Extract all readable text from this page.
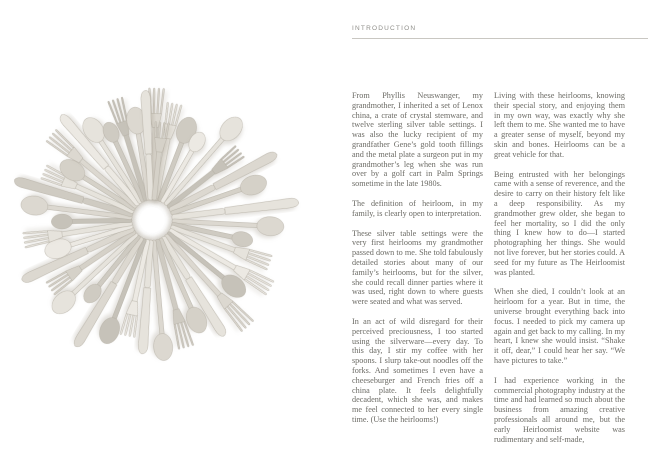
INTRODUCTION

From Phyllis Neuswanger, my grandmother, I inherited a set of Lenox china, a crate of crystal stemware, and twelve sterling silver table settings. I was also the lucky recipient of my grandfather Gene’s gold tooth fillings and the metal plate a surgeon put in my grandmother’s leg when she was run over by a golf cart in Palm Springs sometime in the late 1980s.

The definition of heirloom, in my family, is clearly open to interpretation.

These silver table settings were the very first heirlooms my grandmother passed down to me. She told fabulously detailed stories about many of our family’s heirlooms, but for the silver, she could recall dinner parties where it was used, right down to where guests were seated and what was served.

In an act of wild disregard for their perceived preciousness, I too started using the silverware—every day. To this day, I stir my coffee with her spoons. I slurp take-out noodles off the forks. And sometimes I even have a cheeseburger and French fries off a china plate. It feels delightfully decadent, which she was, and makes me feel connected to her every single time. (Use the heirlooms!)

Living with these heirlooms, knowing their special story, and enjoying them in my own way, was exactly why she left them to me. She wanted me to have a greater sense of myself, beyond my skin and bones. Heirlooms can be a great vehicle for that.

Being entrusted with her belongings came with a sense of reverence, and the desire to carry on their history felt like a deep responsibility. As my grandmother grew older, she began to feel her mortality, so I did the only thing I knew how to do—I started photographing her things. She would not live forever, but her stories could. A seed for my future as The Heirloomist was planted.

When she died, I couldn’t look at an heirloom for a year. But in time, the universe brought everything back into focus. I needed to pick my camera up again and get back to my calling. In my heart, I knew she would insist. “Shake it off, dear,” I could hear her say. “We have pictures to take.”

I had experience working in the commercial photography industry at the time and had learned so much about the business from amazing creative professionals all around me, but the early Heirloomist website was rudimentary and self-made,
